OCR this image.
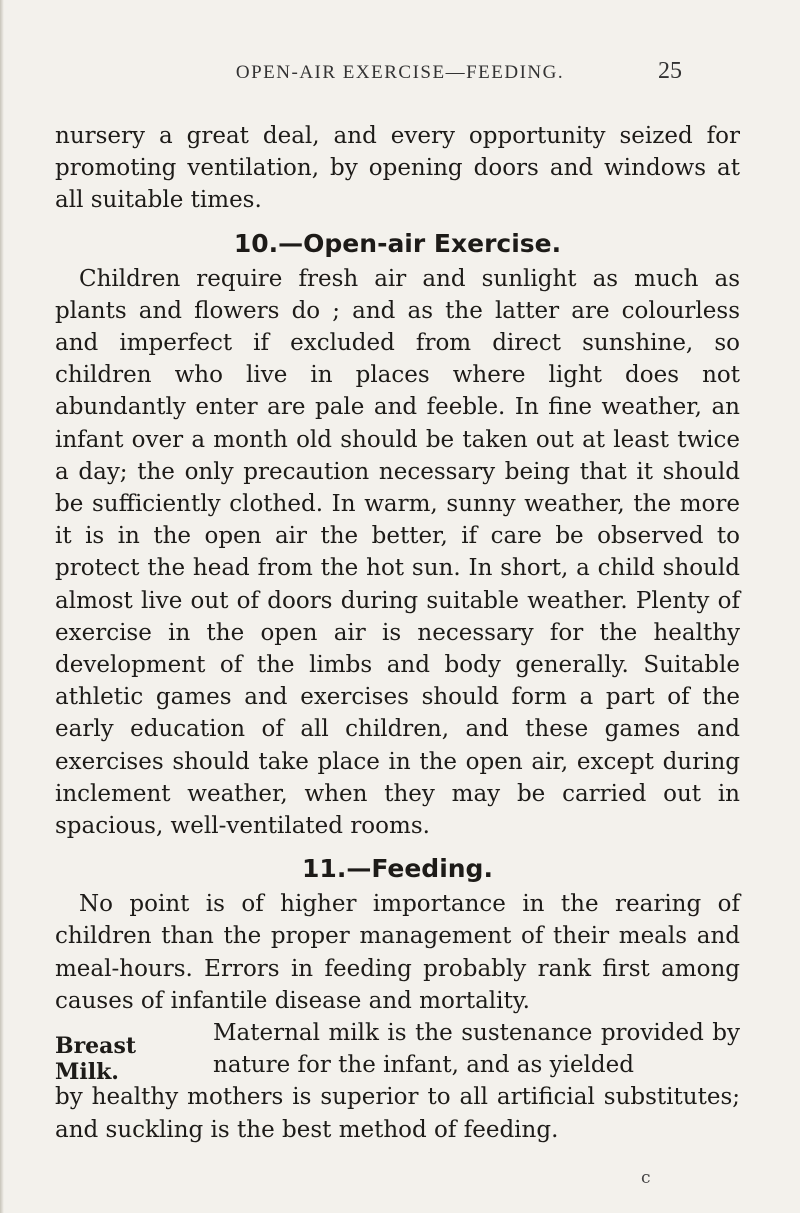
OPEN-AIR EXERCISE—FEEDING.	25

nursery a great deal, and every opportunity seized for promoting ventilation, by opening doors and windows at all suitable times.

10.—Open-air Exercise.

Children require fresh air and sunlight as much as plants and flowers do ; and as the latter are colourless and imperfect if excluded from direct sunshine, so children who live in places where light does not abundantly enter are pale and feeble. In fine weather, an infant over a month old should be taken out at least twice a day; the only precaution necessary being that it should be sufficiently clothed. In warm, sunny weather, the more it is in the open air the better, if care be observed to protect the head from the hot sun. In short, a child should almost live out of doors during suitable weather. Plenty of exercise in the open air is necessary for the healthy development of the limbs and body generally. Suitable athletic games and exercises should form a part of the early education of all children, and these games and exercises should take place in the open air, except during inclement weather, when they may be carried out in spacious, well-ventilated rooms.

11.—Feeding.

No point is of higher importance in the rearing of children than the proper management of their meals and meal-hours. Errors in feeding probably rank first among causes of infantile disease and mortality.

Breast Milk.
Maternal milk is the sustenance provided by nature for the infant, and as yielded

by healthy mothers is superior to all artificial substitutes; and suckling is the best method of feeding.

c
